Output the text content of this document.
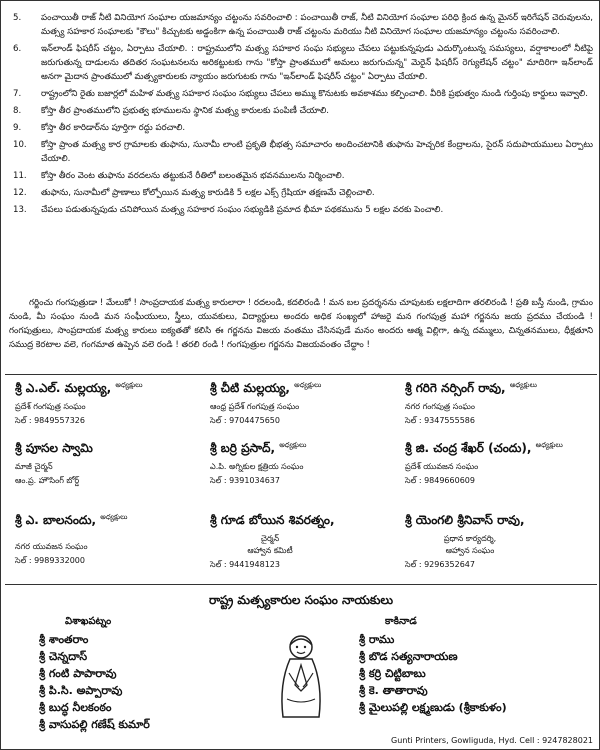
5.	పంచాయితీ రాజ్ నీటి వినియోగ సంఘాల యజమాన్యం చట్టంను సవరించాలి : పంచాయితీ రాజ్, నీటి వినియోగ సంఘాల పరిధి క్రింద ఉన్న మైనర్ ఇరిగేషన్ చెరువులను, మత్స్య సహకార సంఘాలకు "కౌలు" కిచ్చుటకు అడ్డంకిగా ఉన్న పంచాయితీ రాజ్ చట్టంను మరియు నీటి వినియోగ సంఘాల యజమాన్యం చట్టంను సవరించాలి.
6.	ఇన్‌లాండ్ ఫిషరీస్ చట్టం, ఏర్పాటు చేయాలి. : రాష్ట్రములోని మత్స్య సహకార సంఘ సభ్యులు చేపలు పట్టుకున్నపుడు ఎదుర్కొంటున్న సమస్యలు, వర్షాకాలంలో నీటిపై జరుగుతున్న దాడులను తదితర సంఘటనలను అరికట్టుటకు గాను "కోస్తా ప్రాంతములో అమలు జరుగుచున్న" మెరైన్ ఫిషరీస్ రెగ్యులేషన్ చట్టం" మాదిరిగా ఇన్‌లాండ్ అనగా మైదాన ప్రాంతములో మత్స్యకారులకు న్యాయం జరుగుటకు గాను "ఇన్‌లాండ్ ఫిషరీస్ చట్టం" ఏర్పాటు చేయాలి.
7.	రాష్ట్రంలోని రైతు బజార్లలో మహిళ మత్స్య సహకార సంఘం సభ్యులు చేపలు అమ్ము కొనుటకు అవకాశము కల్పించాలి. వీరికి ప్రభుత్వం నుండి గుర్తింపు కార్డులు ఇవ్వాలి.
8.	కోస్తా తీర ప్రాంతములోని ప్రభుత్వ భూములను స్థానిక మత్స్య కారులకు పంపిణీ చేయాలి.
9.	కోస్తా తీర కారిడార్‌ను పూర్తిగా రద్దు పరచాలి.
10.	కోస్తా ప్రాంత మత్స్య కార గ్రామాలకు తుఫాను, సునామీ లాంటి ప్రకృతి భీభత్స సమాచారం అందించటానికి తుఫాను హెచ్చరిక కేంద్రాలను, సైరన్ సదుపాయములు ఏర్పాటు చేయాలి.
11.	కోస్తా తీరం వెంట తుఫాను వరదలను తట్టుకునే రీతిలో బలంతమైన భవనములను నిర్మించాలి.
12.	తుఫాను, సునామీలో ప్రాణాలు కోల్పోయిన మత్స్య కారుడికి 5 లక్షల ఎక్స్ గ్రేషియా తక్షణమే చెల్లించాలి.
13.	చేపలు పడుతున్నపుడు చనిపోయిన మత్స్య సహకార సంఘం సభ్యుడికి ప్రమాద భీమా పథకమును 5 లక్షల వరకు పెంచాలి.
గర్జించు గంగపుత్రుడా ! మేలుకో ! సాంప్రదాయక మత్స్య కారులారా ! రదలండి, కదలిరండి ! మన బల ప్రదర్శనను చూపుటకు లక్షలాదిగా తరలిరండి ! ప్రతి బస్తీ నుండి, గ్రామం నుండి, మీ సంఘం నుండి మన సంఘీయులు, స్త్రీలు, యువకులు, విద్యార్థులు అందరు అధిక సంఖ్యలో హాజరై మన గంగపుత్ర మహా గర్జనను జయ ప్రదము చేయండి ! గంగపుత్రులు, సాంప్రదాయక మత్స్య కారులు ఐక్యతతో కలిసి ఈ గర్జనను విజయ వంతము చేసినపుడే మనం అందరు ఆత్మ విల్లిగా, ఉన్న దమ్ములు, చిన్నతనములు, ధీక్షతూని సముద్ర కెరటాల వలె, గంగమాత ఉప్పెన వలె రండి ! తరలి రండి ! గంగపుత్రుల గర్జనను విజయవంతం చేద్దాం !
శ్రీ ఎ.ఎల్. మల్లయ్య, $^{అధ్యక్షులు}$
ప్రదేశ్ గంగపుత్ర సంఘం
సెల్ : 9849557326
శ్రీ చీటి మల్లయ్య, $^{అధ్యక్షులు}$
ఆంధ్ర ప్రదేశ్ గంగపుత్ర సంఘం
సెల్ : 9704475650
శ్రీ గరిగె నర్సింగ్ రావు, $^{అధ్యక్షులు}$
నగర గంగపుత్ర సంఘం
సెల్ : 9347555586
శ్రీ పూసల స్వామి
మాజీ చైర్మన్
ఆం.ప్ర. హౌసింగ్ బోర్డ్
శ్రీ బర్రి ప్రసాద్, $^{అధ్యక్షులు}$
ఎ.పి. అగ్నికుల క్షత్రియ సంఘం
సెల్ : 9391034637
శ్రీ జి. చంద్ర శేఖర్ (చందు), $^{అధ్యక్షులు}$
ప్రదేశ్ యువజన సంఘం
సెల్ : 9849660609
శ్రీ ఎ. బాలనందు, $^{అధ్యక్షులు}$
నగర యువజన సంఘం
సెల్ : 9989332000
శ్రీ గూడ బోయిన శివరత్నం,
చైర్మన్
ఆహ్వాన కమిటీ
సెల్ : 9441948123
శ్రీ యెంగలి శ్రీనివాస్ రావు,
ప్రధాన కార్యదర్శి,
ఆహ్వాన సంఘం
సెల్ : 9296352647
రాష్ట్ర మత్స్యకారుల సంఘం నాయకులు
విశాఖపట్నం
శ్రీ శాంతరాం
శ్రీ చెన్నదాస్
శ్రీ గంటి పాపారావు
శ్రీ పి.సి. అప్పారావు
శ్రీ బుద్ధ నీలకంఠం
శ్రీ వాసుపల్లి గణేష్ కుమార్
కాకినాడ
శ్రీ రాము
శ్రీ బొడ సత్యనారాయణ
శ్రీ కర్రి చిట్టిబాబు
శ్రీ కె. తాతారావు
శ్రీ మైలుపల్లి లక్ష్మణుడు (శ్రీకాకుళం)
Gunti Printers, Gowliguda, Hyd. Cell : 9247828021
